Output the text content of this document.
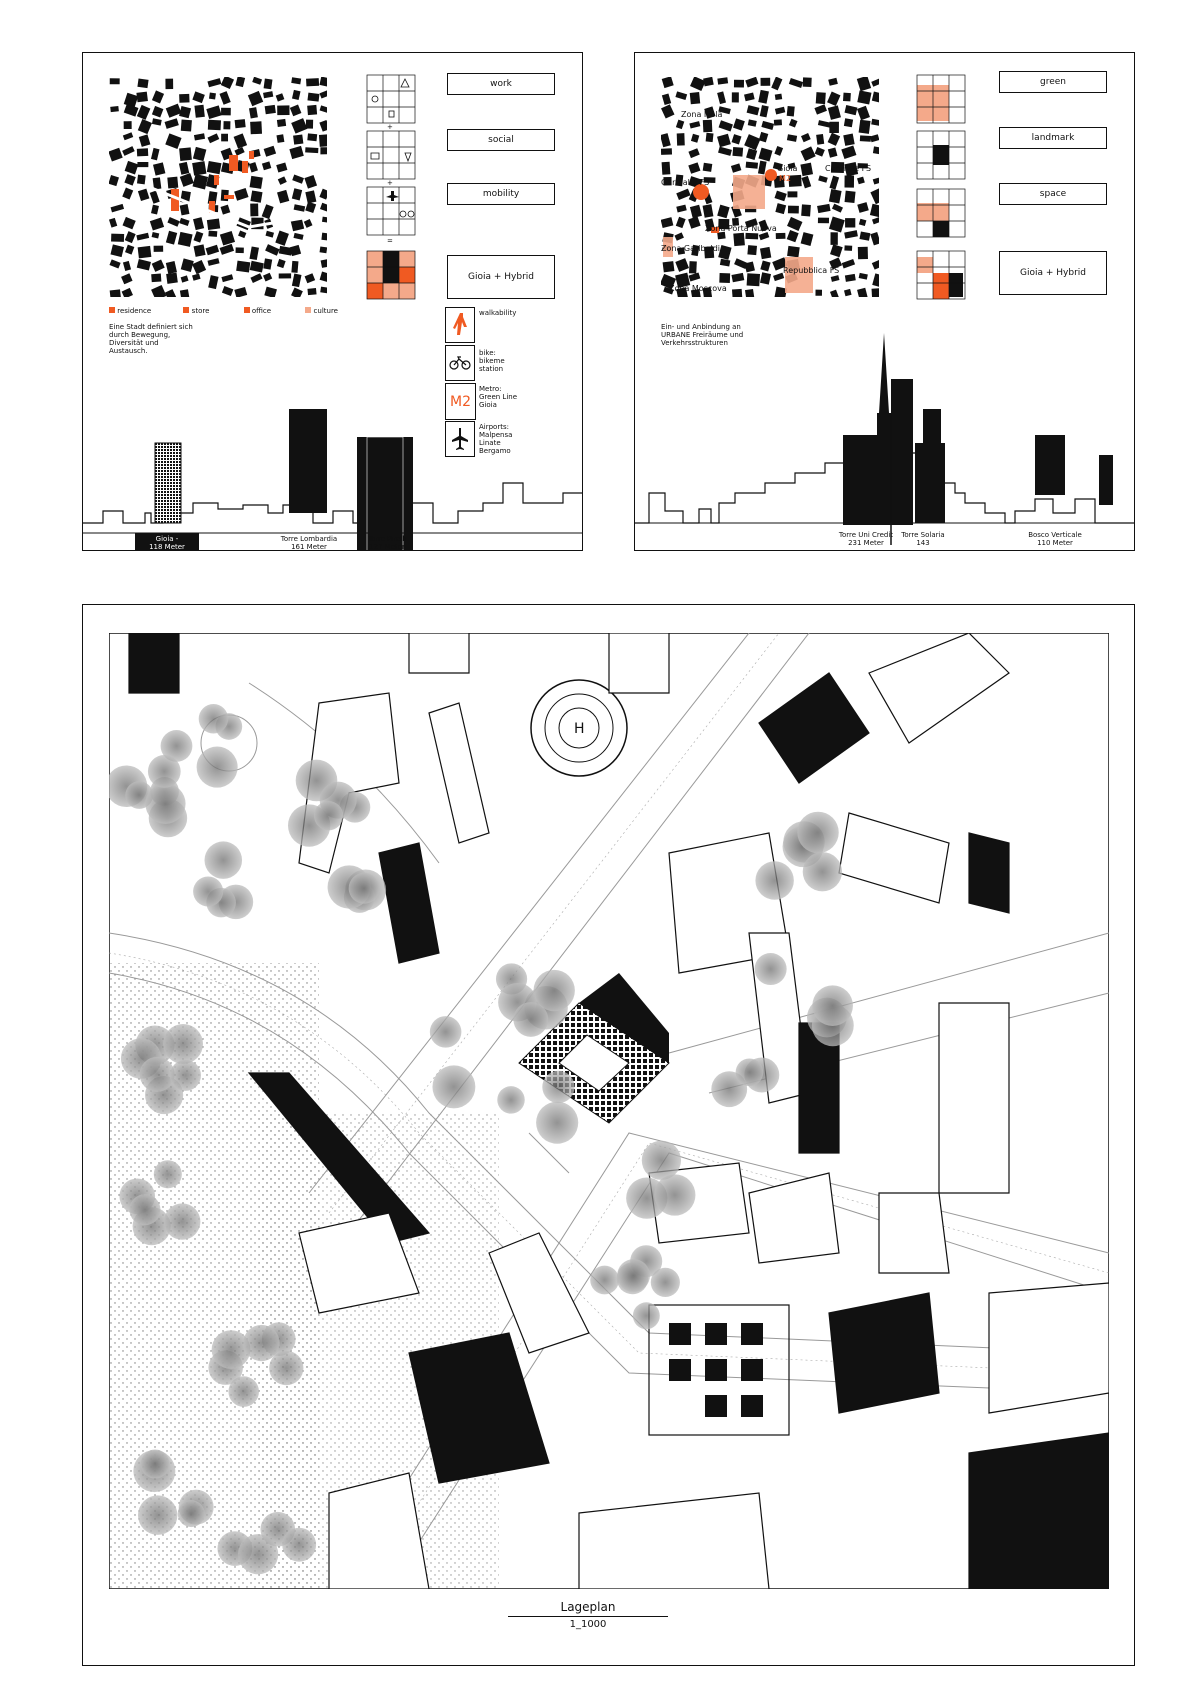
residence	store	office	culture
Eine Stadt definiert sich durch Bewegung, Diversität und Austausch.
+
+
=
work
social
mobility
Gioia + Hybrid
walkability
bike: bikeme station
M2
Metro: Green Line Gioia
Airports: Malpensa Linate Bergamo
Gioia -
118 Meter
Torre Lombardia
161 Meter
Torre Pirelli
127 Meter
Zona Isola
Gioia	Centrale FS
Garibaldi FS	M2
Zona Porta Nuova
Zona Garibaldi
Repubblica FS
Zona Moscova
Ein- und Anbindung an URBANE Freiräume und Verkehrsstrukturen
green
landmark
space
Gioia + Hybrid
Torre Uni Credit
231 Meter
Torre Solaria
143
Bosco Verticale
110 Meter
H
Lageplan
1_1000
